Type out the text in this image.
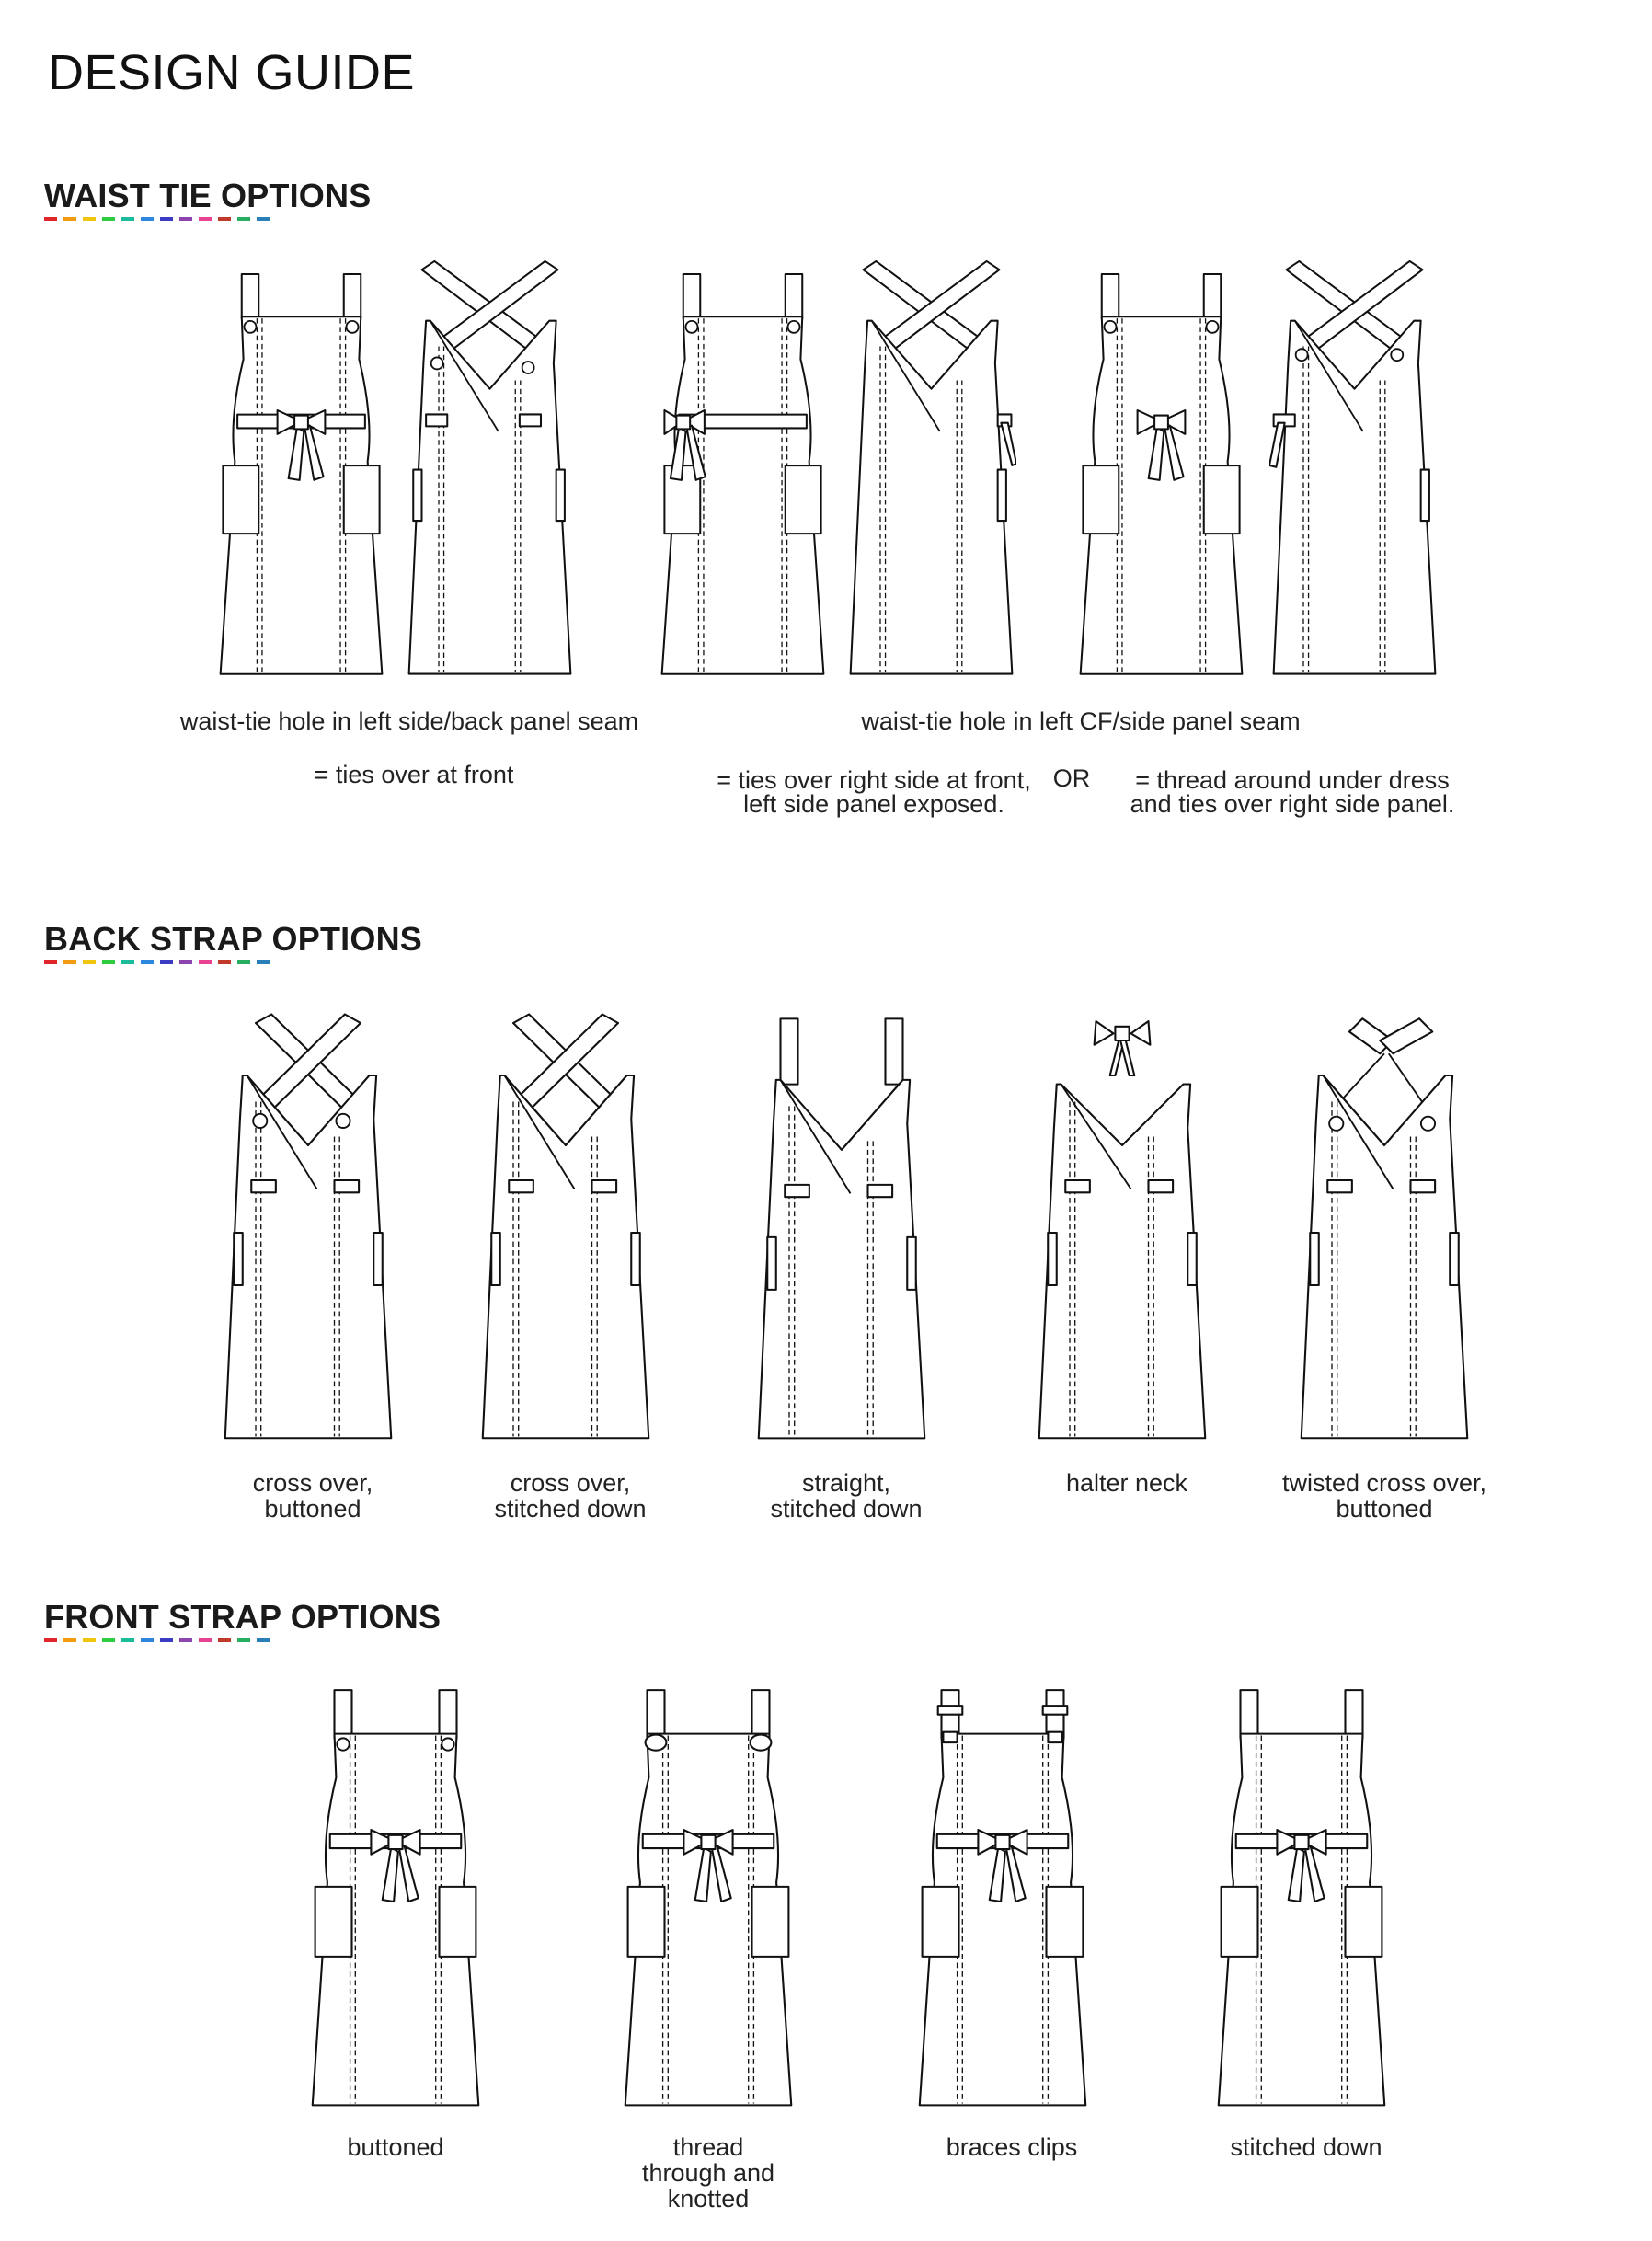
DESIGN GUIDE
WAIST TIE OPTIONS
waist-tie hole in left side/back panel seam
= ties over at front
waist-tie hole in left CF/side panel seam
= ties over right side at front,
left side panel exposed.
OR	= thread around under dress
and ties over right side panel.
BACK STRAP OPTIONS
cross over,
buttoned
cross over,
stitched down
straight,
stitched down
halter neck	twisted cross over,
buttoned
FRONT STRAP OPTIONS
buttoned	thread
through and
knotted
braces clips	stitched down
